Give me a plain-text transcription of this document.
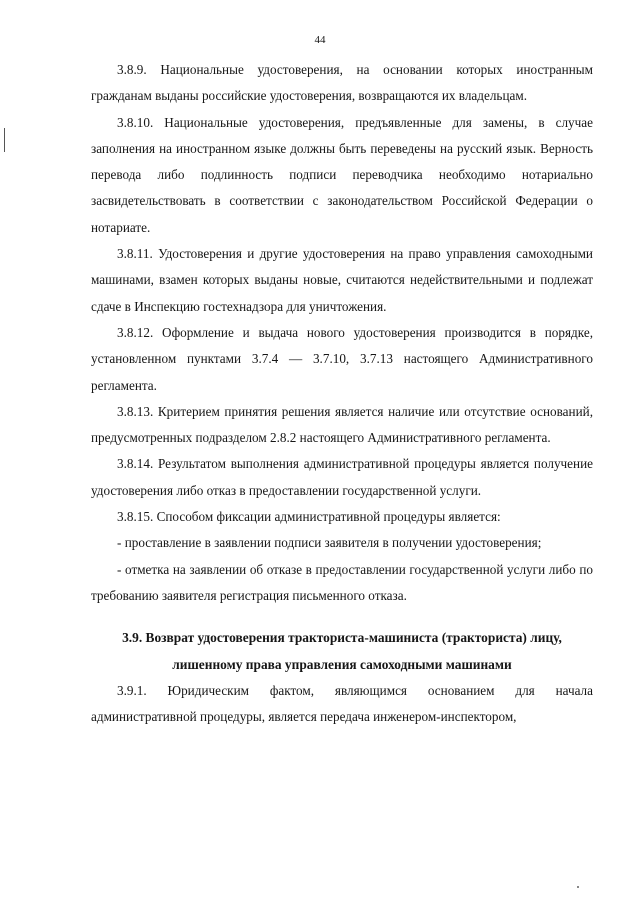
44

3.8.9. Национальные удостоверения, на основании которых иностранным гражданам выданы российские удостоверения, возвращаются их владельцам.

3.8.10. Национальные удостоверения, предъявленные для замены, в случае заполнения на иностранном языке должны быть переведены на русский язык. Верность перевода либо подлинность подписи переводчика необходимо нотариально засвидетельствовать в соответствии с законодательством Российской Федерации о нотариате.

3.8.11. Удостоверения и другие удостоверения на право управления самоходными машинами, взамен которых выданы новые, считаются недействительными и подлежат сдаче в Инспекцию гостехнадзора для уничтожения.

3.8.12. Оформление и выдача нового удостоверения производится в порядке, установленном пунктами 3.7.4 — 3.7.10, 3.7.13 настоящего Административного регламента.

3.8.13. Критерием принятия решения является наличие или отсутствие оснований, предусмотренных подразделом 2.8.2 настоящего Административного регламента.

3.8.14. Результатом выполнения административной процедуры является получение удостоверения либо отказ в предоставлении государственной услуги.

3.8.15. Способом фиксации административной процедуры является:

- проставление в заявлении подписи заявителя в получении удостоверения;

- отметка на заявлении об отказе в предоставлении государственной услуги либо по требованию заявителя регистрация письменного отказа.

3.9. Возврат удостоверения тракториста-машиниста (тракториста) лицу, лишенному права управления самоходными машинами

3.9.1. Юридическим фактом, являющимся основанием для начала административной процедуры, является передача инженером-инспектором,
